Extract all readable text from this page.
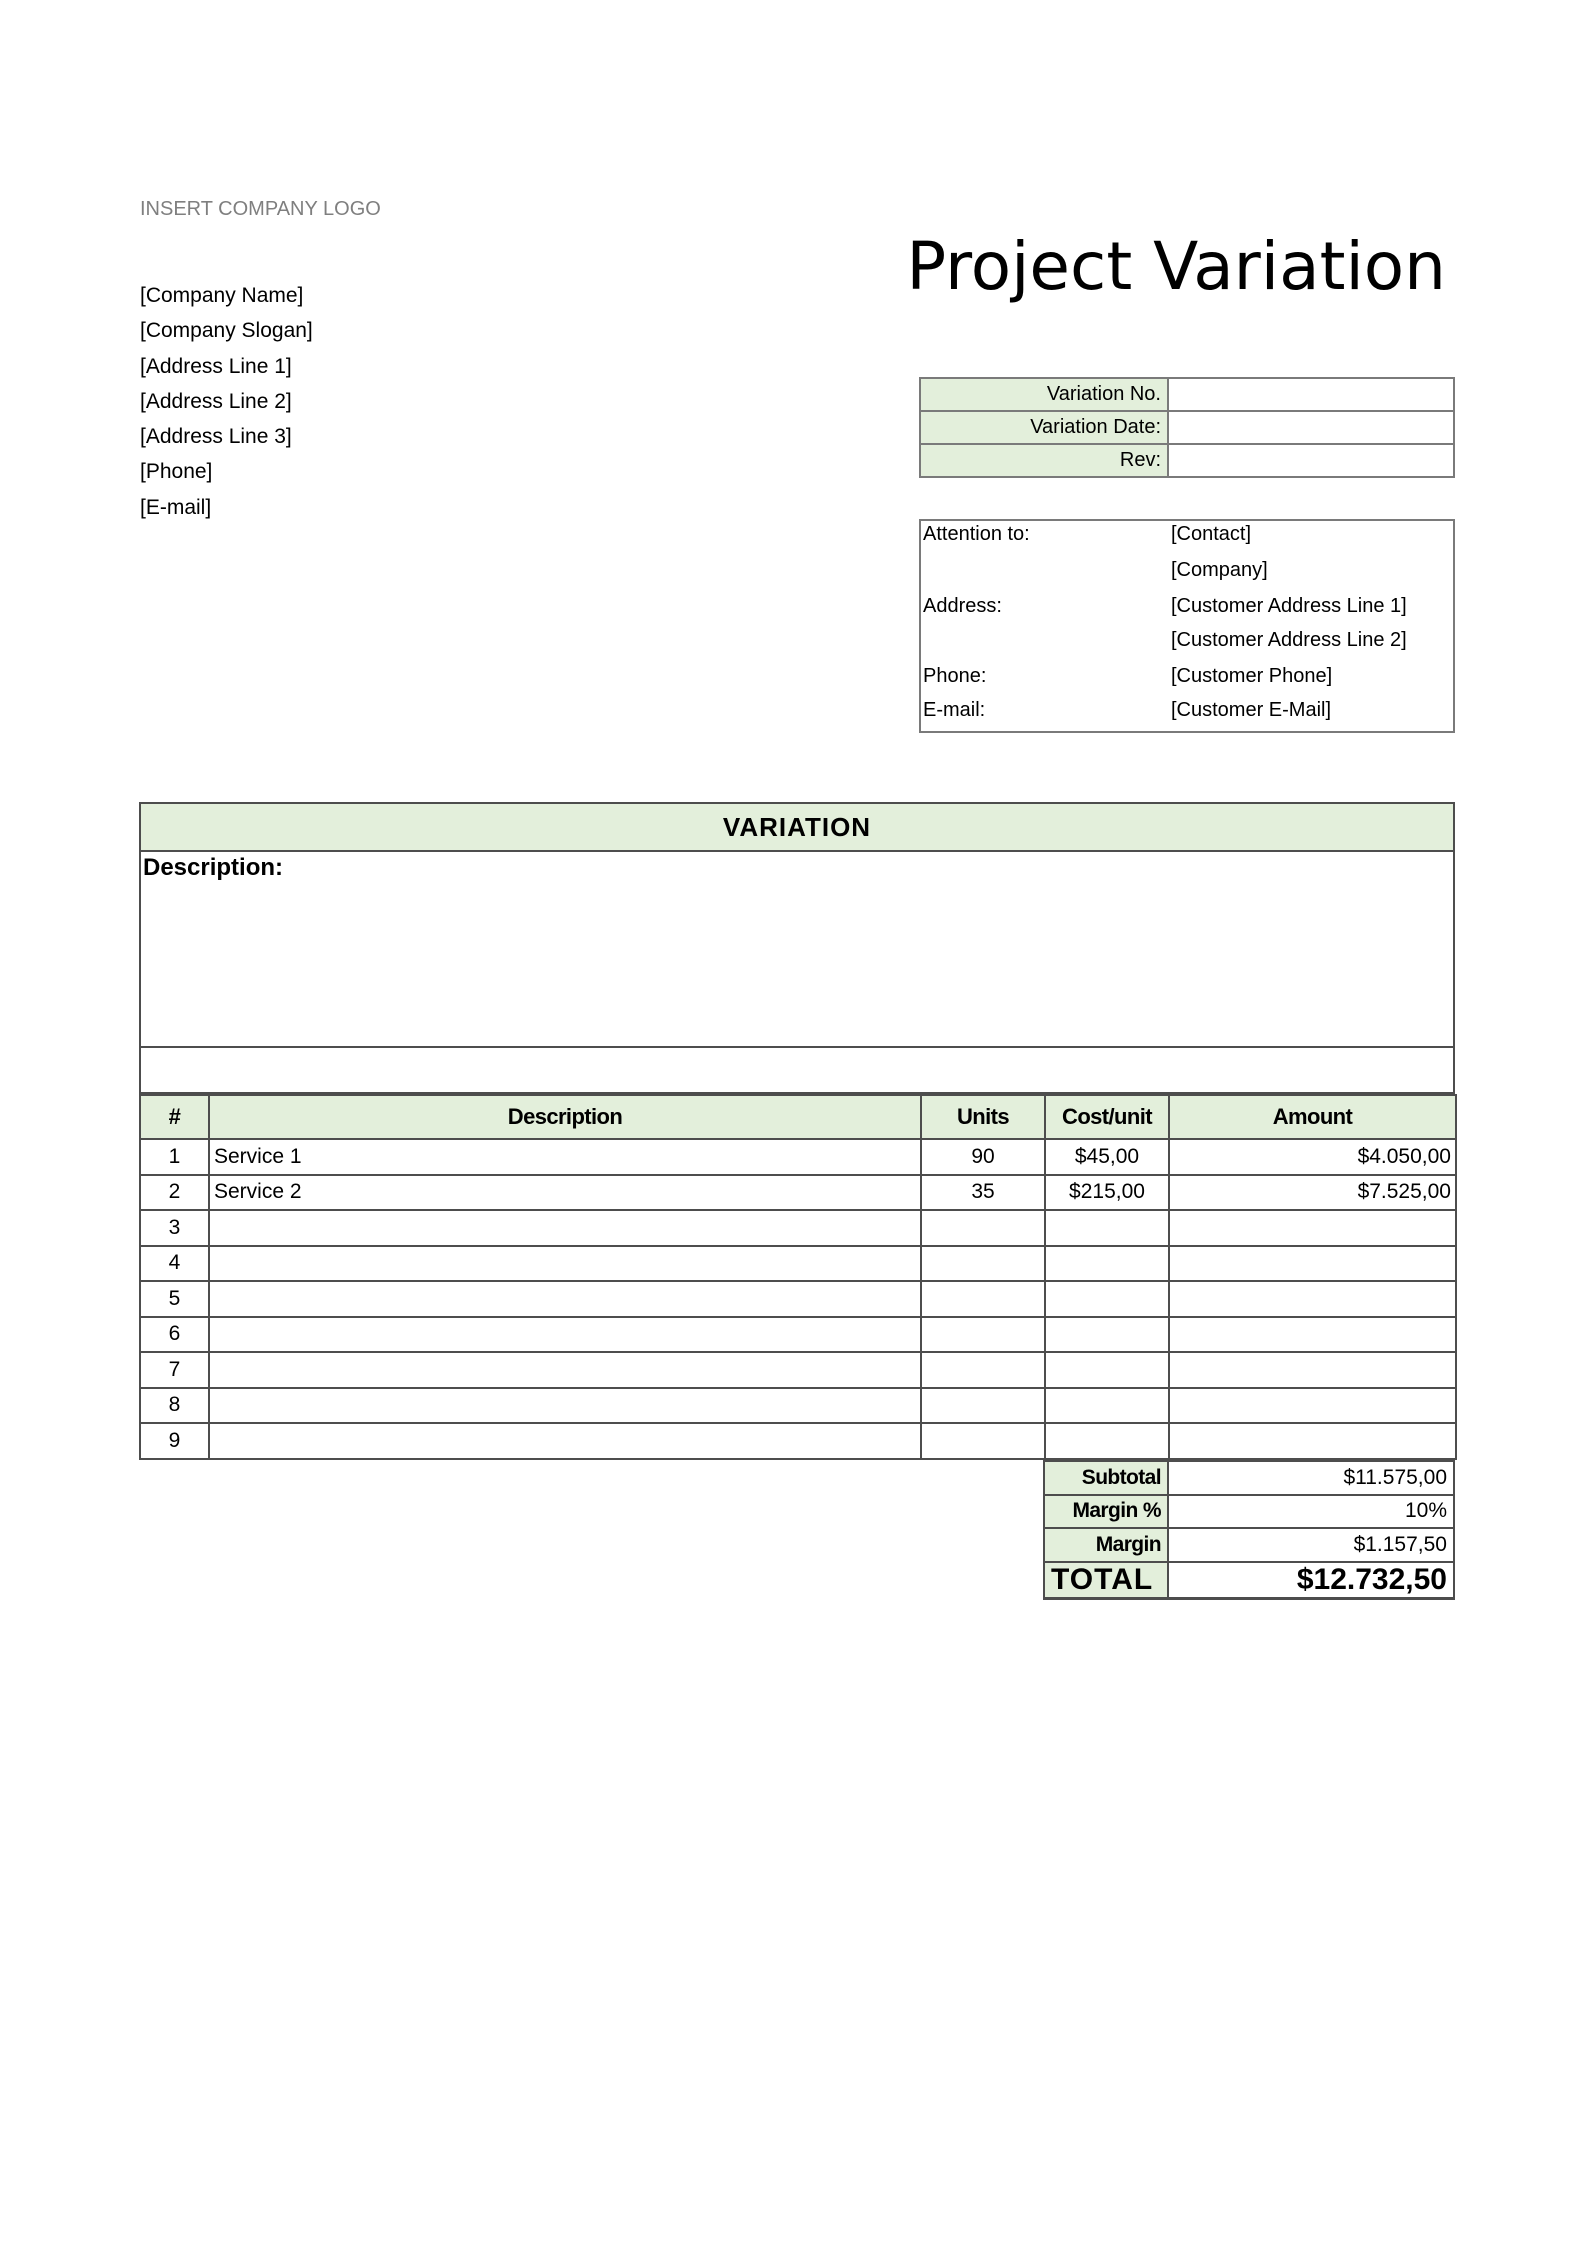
INSERT COMPANY LOGO
[Company Name]
[Company Slogan]
[Address Line 1]
[Address Line 2]
[Address Line 3]
[Phone]
[E-mail]
Project Variation
Variation No.	
Variation Date:	
Rev:	
Attention to:	[Contact]
[Company]
Address:	[Customer Address Line 1]
[Customer Address Line 2]
Phone:	[Customer Phone]
E-mail:	[Customer E-Mail]
VARIATION
Description:
#	Description	Units	Cost/unit	Amount
1	Service 1	90	$45,00	$4.050,00
2	Service 2	35	$215,00	$7.525,00
3				
4				
5				
6				
7				
8				
9				
Subtotal	$11.575,00
Margin %	10%
Margin	$1.157,50
TOTAL	$12.732,50
